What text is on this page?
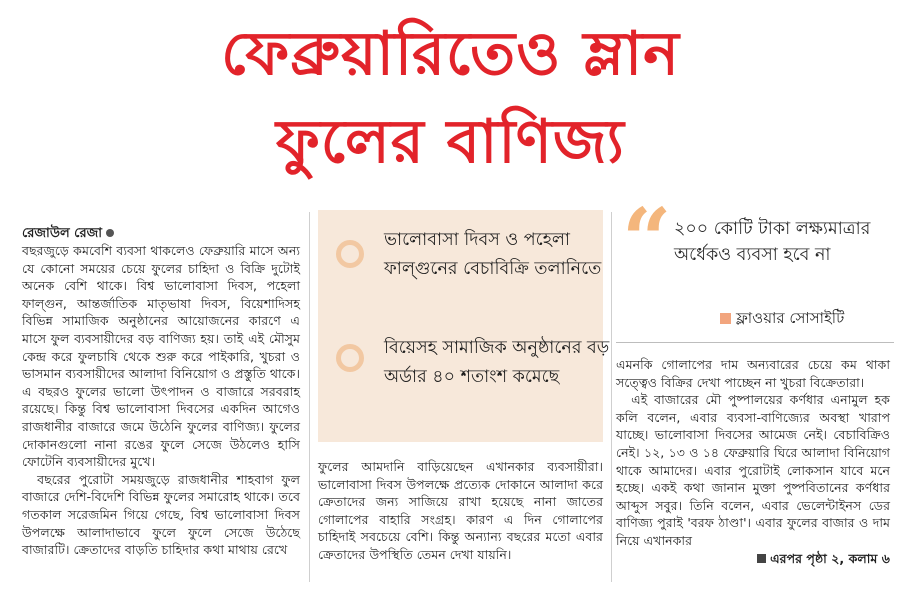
ফেব্রুয়ারিতেও ম্লান
ফুলের বাণিজ্য
রেজাউল রেজা

বছরজুড়ে কমবেশি ব্যবসা থাকলেও ফেব্রুয়ারি মাসে অন্য যে কোনো সময়ের চেয়ে ফুলের চাহিদা ও বিক্রি দুটোই অনেক বেশি থাকে। বিশ্ব ভালোবাসা দিবস, পহেলা ফাল্গুন, আন্তর্জাতিক মাতৃভাষা দিবস, বিয়েশাদিসহ বিভিন্ন সামাজিক অনুষ্ঠানের আয়োজনের কারণে এ মাসে ফুল ব্যবসায়ীদের বড় বাণিজ্য হয়। তাই এই মৌসুম কেন্দ্র করে ফুলচাষি থেকে শুরু করে পাইকারি, খুচরা ও ভাসমান ব্যবসায়ীদের আলাদা বিনিয়োগ ও প্রস্তুতি থাকে। এ বছরও ফুলের ভালো উৎপাদন ও বাজারে সরবরাহ রয়েছে। কিন্তু বিশ্ব ভালোবাসা দিবসের একদিন আগেও রাজধানীর বাজারে জমে উঠেনি ফুলের বাণিজ্য। ফুলের দোকানগুলো নানা রঙের ফুলে সেজে উঠলেও হাসি ফোটেনি ব্যবসায়ীদের মুখে।

বছরের পুরোটা সময়জুড়ে রাজধানীর শাহবাগ ফুল বাজারে দেশি-বিদেশি বিভিন্ন ফুলের সমারোহ থাকে। তবে গতকাল সরেজমিন গিয়ে গেছে, বিশ্ব ভালোবাসা দিবস উপলক্ষে আলাদাভাবে ফুলে ফুলে সেজে উঠেছে বাজারটি। ক্রেতাদের বাড়তি চাহিদার কথা মাথায় রেখে

ভালোবাসা দিবস ও পহেলা ফাল্গুনের বেচাবিক্রি তলানিতে
বিয়েসহ সামাজিক অনুষ্ঠানের বড় অর্ডার ৪০ শতাংশ কমেছে

ফুলের আমদানি বাড়িয়েছেন এখানকার ব্যবসায়ীরা। ভালোবাসা দিবস উপলক্ষে প্রত্যেক দোকানে আলাদা করে ক্রেতাদের জন্য সাজিয়ে রাখা হয়েছে নানা জাতের গোলাপের বাহারি সংগ্রহ। কারণ এ দিন গোলাপের চাহিদাই সবচেয়ে বেশি। কিন্তু অন্যান্য বছরের মতো এবার ক্রেতাদের উপস্থিতি তেমন দেখা যায়নি।

“ ২০০ কোটি টাকা লক্ষ্যমাত্রার অর্ধেকও ব্যবসা হবে না
ফ্লাওয়ার সোসাইটি

এমনকি গোলাপের দাম অন্যবারের চেয়ে কম থাকা সত্ত্বেও বিক্রির দেখা পাচ্ছেন না খুচরা বিক্রেতারা।

এই বাজারের মৌ পুষ্পালয়ের কর্ণধার এনামুল হক কলি বলেন, এবার ব্যবসা-বাণিজ্যের অবস্থা খারাপ যাচ্ছে। ভালোবাসা দিবসের আমেজ নেই। বেচাবিক্রিও নেই। ১২, ১৩ ও ১৪ ফেব্রুয়ারি ঘিরে আলাদা বিনিয়োগ থাকে আমাদের। এবার পুরোটাই লোকসান যাবে মনে হচ্ছে। একই কথা জানান মুক্তা পুষ্পবিতানের কর্ণধার আব্দুস সবুর। তিনি বলেন, এবার ভেলেন্টাইনস ডের বাণিজ্য পুরাই 'বরফ ঠাণ্ডা'। এবার ফুলের বাজার ও দাম নিয়ে এখানকার

এরপর পৃষ্ঠা ২, কলাম ৬
